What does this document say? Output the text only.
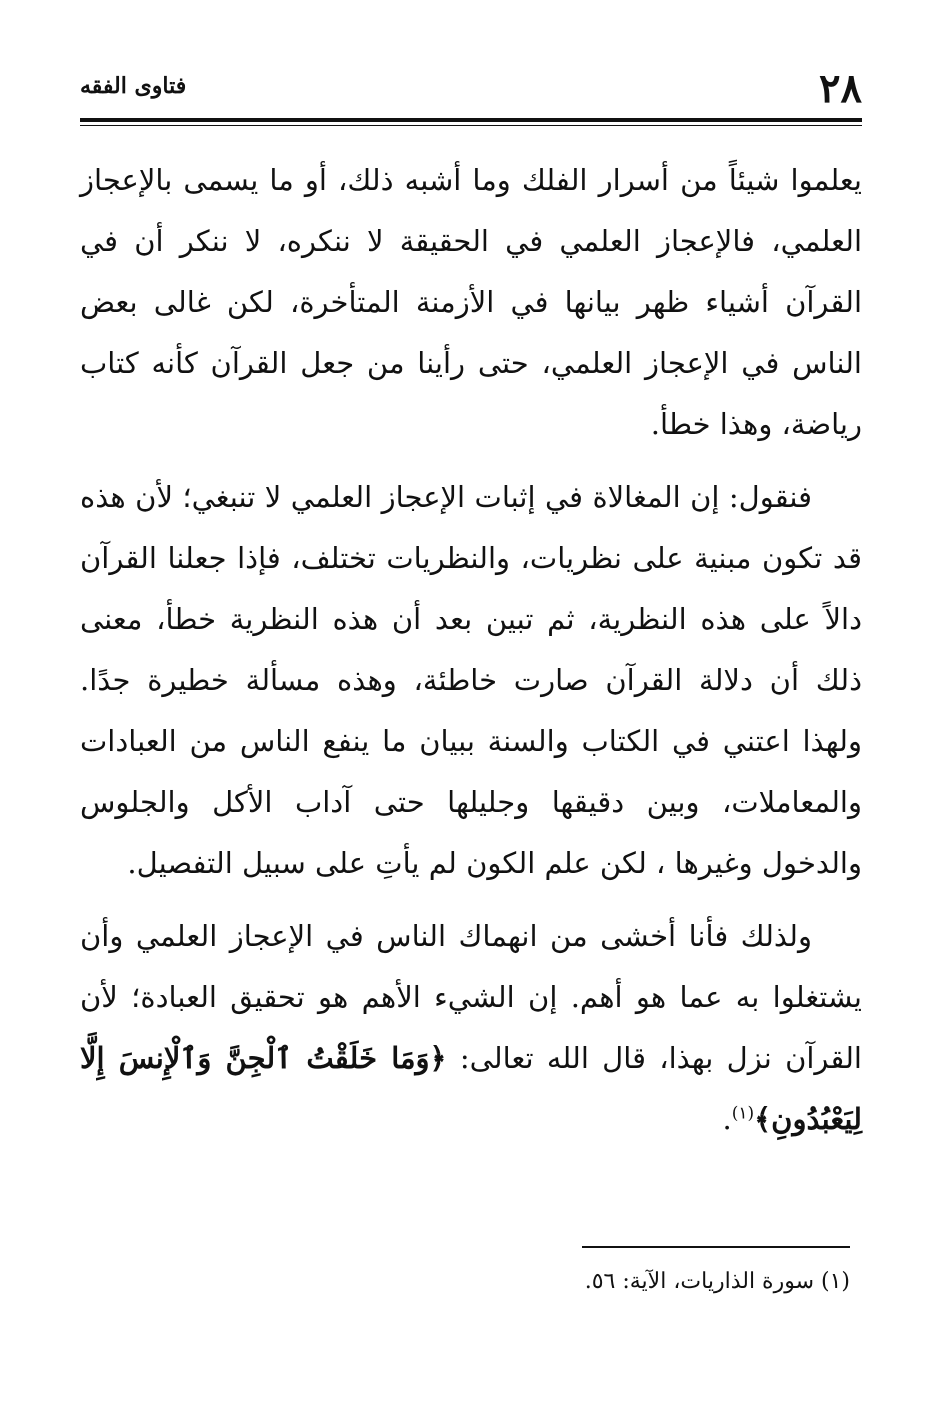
٢٨
فتاوى الفقه

يعلموا شيئاً من أسرار الفلك وما أشبه ذلك، أو ما يسمى بالإعجاز العلمي، فالإعجاز العلمي في الحقيقة لا ننكره، لا ننكر أن في القرآن أشياء ظهر بيانها في الأزمنة المتأخرة، لكن غالى بعض الناس في الإعجاز العلمي، حتى رأينا من جعل القرآن كأنه كتاب رياضة، وهذا خطأ.

فنقول: إن المغالاة في إثبات الإعجاز العلمي لا تنبغي؛ لأن هذه قد تكون مبنية على نظريات، والنظريات تختلف، فإذا جعلنا القرآن دالاً على هذه النظرية، ثم تبين بعد أن هذه النظرية خطأ، معنى ذلك أن دلالة القرآن صارت خاطئة، وهذه مسألة خطيرة جدًا. ولهذا اعتني في الكتاب والسنة ببيان ما ينفع الناس من العبادات والمعاملات، وبين دقيقها وجليلها حتى آداب الأكل والجلوس والدخول وغيرها ، لكن علم الكون لم يأتِ على سبيل التفصيل.

ولذلك فأنا أخشى من انهماك الناس في الإعجاز العلمي وأن يشتغلوا به عما هو أهم. إن الشيء الأهم هو تحقيق العبادة؛ لأن القرآن نزل بهذا، قال الله تعالى: ﴿وَمَا خَلَقْتُ ٱلْجِنَّ وَٱلْإِنسَ إِلَّا لِيَعْبُدُونِ﴾$^{(١)}$.

(١) سورة الذاريات، الآية: ٥٦.
